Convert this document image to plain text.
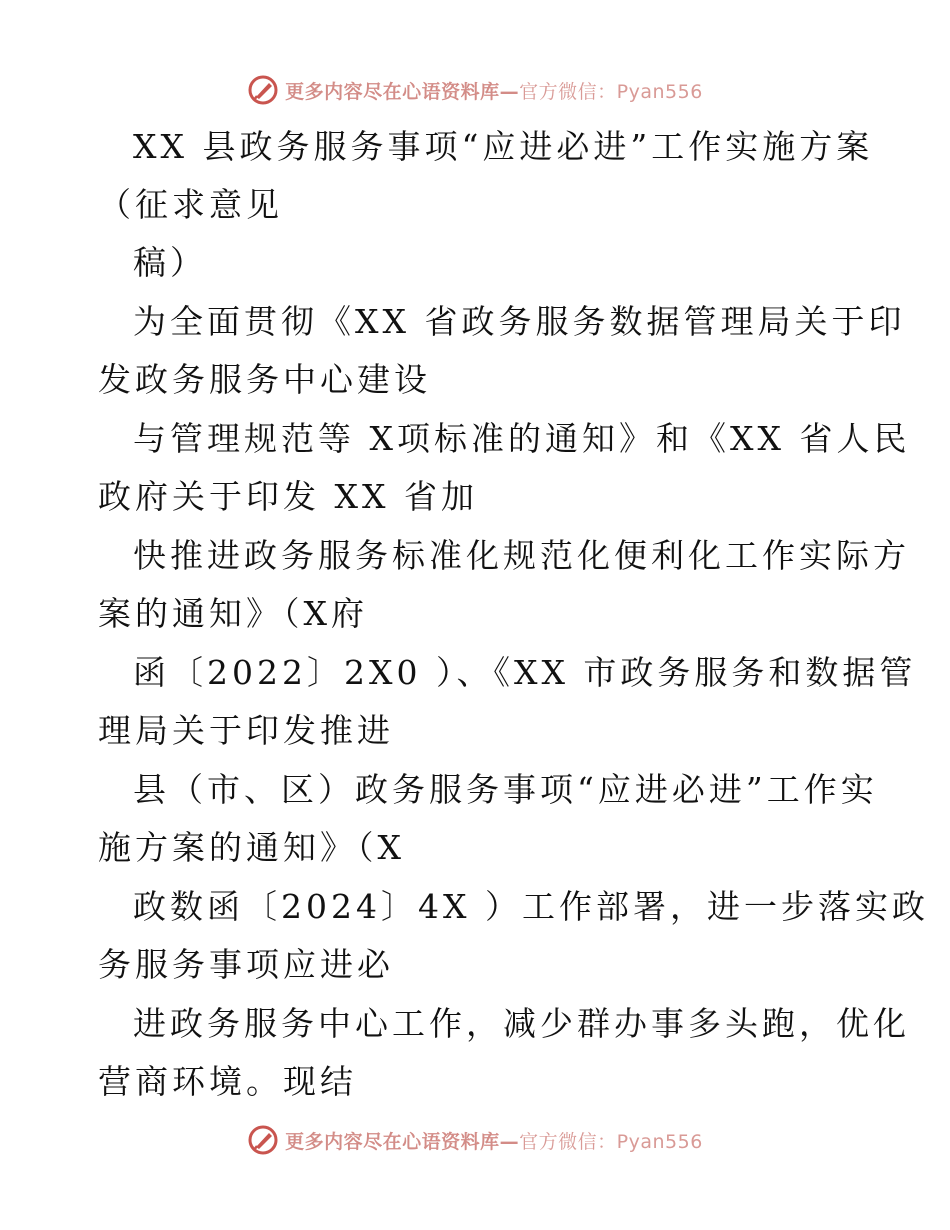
更多内容尽在心语资料库—官方微信：Pyan556
XX 县政务服务事项“应进必进”工作实施方案
（征求意见
稿）
为全面贯彻《XX 省政务服务数据管理局关于印
发政务服务中心建设
与管理规范等 X项标准的通知》和《XX 省人民
政府关于印发 XX 省加
快推进政务服务标准化规范化便利化工作实际方
案的通知》（X府
函〔2022〕2X0 ）、《XX 市政务服务和数据管
理局关于印发推进
县（市、区）政务服务事项“应进必进”工作实
施方案的通知》（X
政数函〔2024〕4X ）工作部署，进一步落实政
务服务事项应进必
进政务服务中心工作，减少群办事多头跑，优化
营商环境。现结
更多内容尽在心语资料库—官方微信：Pyan556
